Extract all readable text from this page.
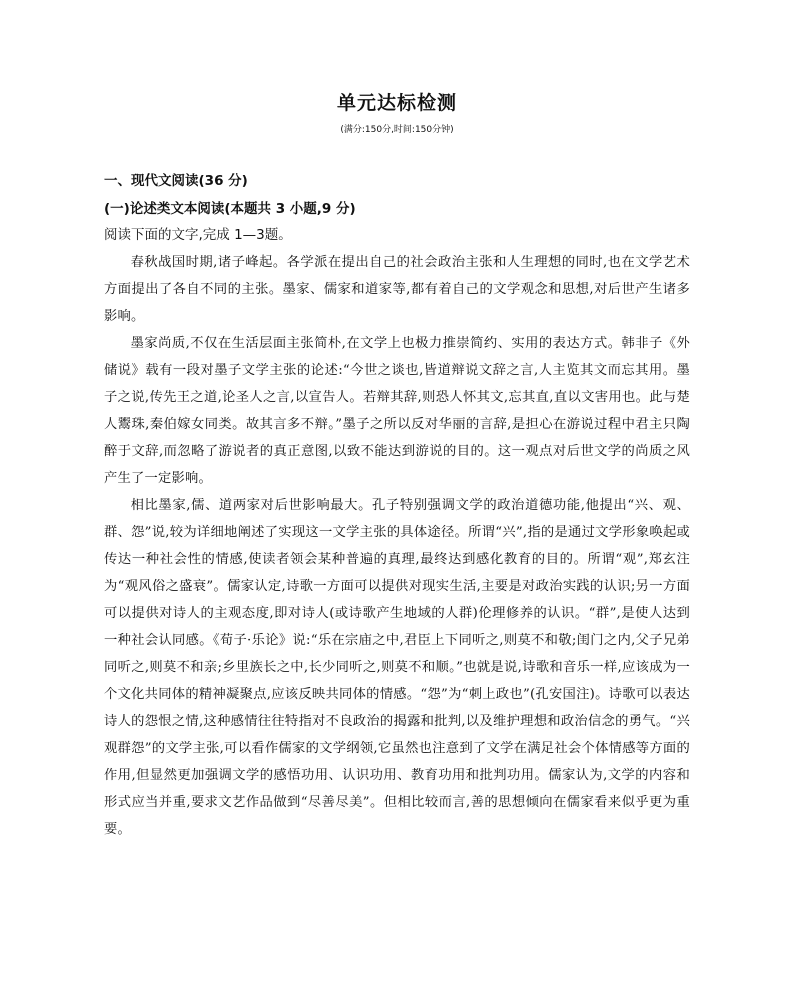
单元达标检测

(满分:150分,时间:150分钟)

一、现代文阅读(36 分)

(一)论述类文本阅读(本题共 3 小题,9 分)

阅读下面的文字,完成 1—3题。

春秋战国时期,诸子峰起。各学派在提出自己的社会政治主张和人生理想的同时,也在文学艺术方面提出了各自不同的主张。墨家、儒家和道家等,都有着自己的文学观念和思想,对后世产生诸多影响。

墨家尚质,不仅在生活层面主张简朴,在文学上也极力推崇简约、实用的表达方式。韩非子《外储说》载有一段对墨子文学主张的论述:“今世之谈也,皆道辩说文辞之言,人主览其文而忘其用。墨子之说,传先王之道,论圣人之言,以宣告人。若辩其辞,则恐人怀其文,忘其直,直以文害用也。此与楚人鬻珠,秦伯嫁女同类。故其言多不辩。”墨子之所以反对华丽的言辞,是担心在游说过程中君主只陶醉于文辞,而忽略了游说者的真正意图,以致不能达到游说的目的。这一观点对后世文学的尚质之风产生了一定影响。

相比墨家,儒、道两家对后世影响最大。孔子特别强调文学的政治道德功能,他提出“兴、观、群、怨”说,较为详细地阐述了实现这一文学主张的具体途径。所谓“兴”,指的是通过文学形象唤起或传达一种社会性的情感,使读者领会某种普遍的真理,最终达到感化教育的目的。所谓“观”,郑玄注为“观风俗之盛衰”。儒家认定,诗歌一方面可以提供对现实生活,主要是对政治实践的认识;另一方面可以提供对诗人的主观态度,即对诗人(或诗歌产生地域的人群)伦理修养的认识。“群”,是使人达到一种社会认同感。《荀子·乐论》说:“乐在宗庙之中,君臣上下同听之,则莫不和敬;闺门之内,父子兄弟同听之,则莫不和亲;乡里族长之中,长少同听之,则莫不和顺。”也就是说,诗歌和音乐一样,应该成为一个文化共同体的精神凝聚点,应该反映共同体的情感。“怨”为“刺上政也”(孔安国注)。诗歌可以表达诗人的怨恨之情,这种感情往往特指对不良政治的揭露和批判,以及维护理想和政治信念的勇气。“兴观群怨”的文学主张,可以看作儒家的文学纲领,它虽然也注意到了文学在满足社会个体情感等方面的作用,但显然更加强调文学的感悟功用、认识功用、教育功用和批判功用。儒家认为,文学的内容和形式应当并重,要求文艺作品做到“尽善尽美”。但相比较而言,善的思想倾向在儒家看来似乎更为重要。
